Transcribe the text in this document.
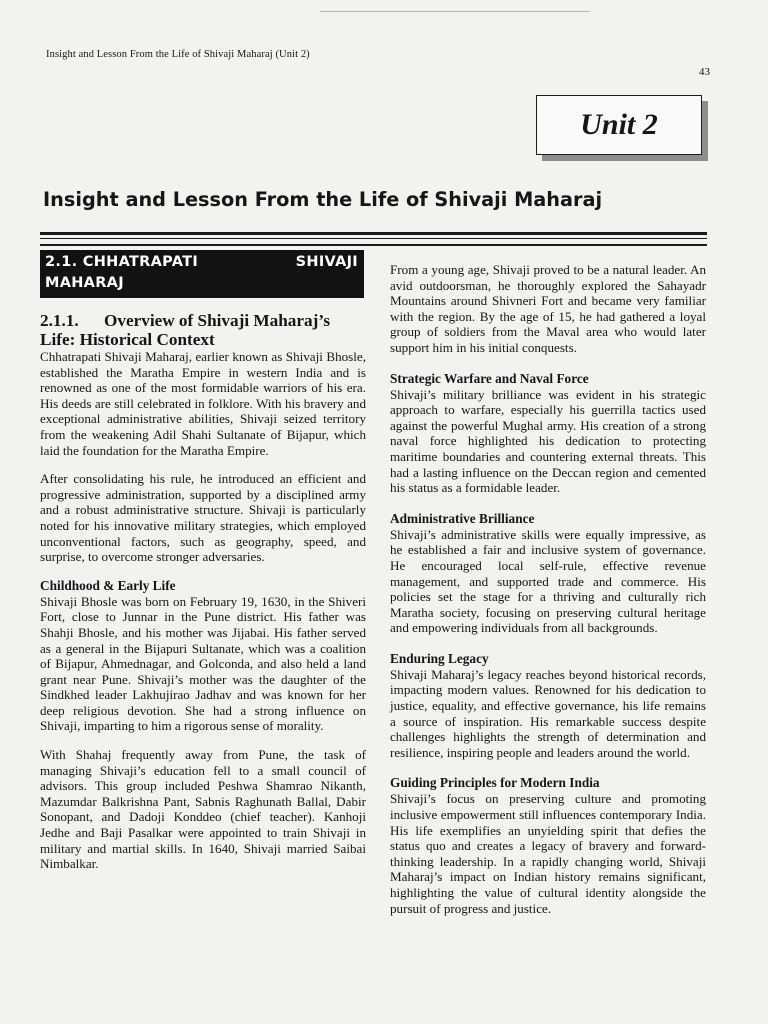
Insight and Lesson From the Life of Shivaji Maharaj (Unit 2)
43
Unit 2
Insight and Lesson From the Life of Shivaji Maharaj
2.1. CHHATRAPATI	SHIVAJI
MAHARAJ
2.1.1. Overview of Shivaji Maharaj’s
Life: Historical Context

Chhatrapati Shivaji Maharaj, earlier known as Shivaji Bhosle, established the Maratha Empire in western India and is renowned as one of the most formidable warriors of his era. His deeds are still celebrated in folklore. With his bravery and exceptional administrative abilities, Shivaji seized territory from the weakening Adil Shahi Sultanate of Bijapur, which laid the foundation for the Maratha Empire.

After consolidating his rule, he introduced an efficient and progressive administration, supported by a disciplined army and a robust administrative structure. Shivaji is particularly noted for his innovative military strategies, which employed unconventional factors, such as geography, speed, and surprise, to overcome stronger adversaries.

Childhood & Early Life

Shivaji Bhosle was born on February 19, 1630, in the Shiveri Fort, close to Junnar in the Pune district. His father was Shahji Bhosle, and his mother was Jijabai. His father served as a general in the Bijapuri Sultanate, which was a coalition of Bijapur, Ahmednagar, and Golconda, and also held a land grant near Pune. Shivaji’s mother was the daughter of the Sindkhed leader Lakhujirao Jadhav and was known for her deep religious devotion. She had a strong influence on Shivaji, imparting to him a rigorous sense of morality.

With Shahaj frequently away from Pune, the task of managing Shivaji’s education fell to a small council of advisors. This group included Peshwa Shamrao Nikanth, Mazumdar Balkrishna Pant, Sabnis Raghunath Ballal, Dabir Sonopant, and Dadoji Konddeo (chief teacher). Kanhoji Jedhe and Baji Pasalkar were appointed to train Shivaji in military and martial skills. In 1640, Shivaji married Saibai Nimbalkar.

From a young age, Shivaji proved to be a natural leader. An avid outdoorsman, he thoroughly explored the Sahayadr Mountains around Shivneri Fort and became very familiar with the region. By the age of 15, he had gathered a loyal group of soldiers from the Maval area who would later support him in his initial conquests.

Strategic Warfare and Naval Force

Shivaji’s military brilliance was evident in his strategic approach to warfare, especially his guerrilla tactics used against the powerful Mughal army. His creation of a strong naval force highlighted his dedication to protecting maritime boundaries and countering external threats. This had a lasting influence on the Deccan region and cemented his status as a formidable leader.

Administrative Brilliance

Shivaji’s administrative skills were equally impressive, as he established a fair and inclusive system of governance. He encouraged local self-rule, effective revenue management, and supported trade and commerce. His policies set the stage for a thriving and culturally rich Maratha society, focusing on preserving cultural heritage and empowering individuals from all backgrounds.

Enduring Legacy

Shivaji Maharaj’s legacy reaches beyond historical records, impacting modern values. Renowned for his dedication to justice, equality, and effective governance, his life remains a source of inspiration. His remarkable success despite challenges highlights the strength of determination and resilience, inspiring people and leaders around the world.

Guiding Principles for Modern India

Shivaji’s focus on preserving culture and promoting inclusive empowerment still influences contemporary India. His life exemplifies an unyielding spirit that defies the status quo and creates a legacy of bravery and forward-thinking leadership. In a rapidly changing world, Shivaji Maharaj’s impact on Indian history remains significant, highlighting the value of cultural identity alongside the pursuit of progress and justice.
